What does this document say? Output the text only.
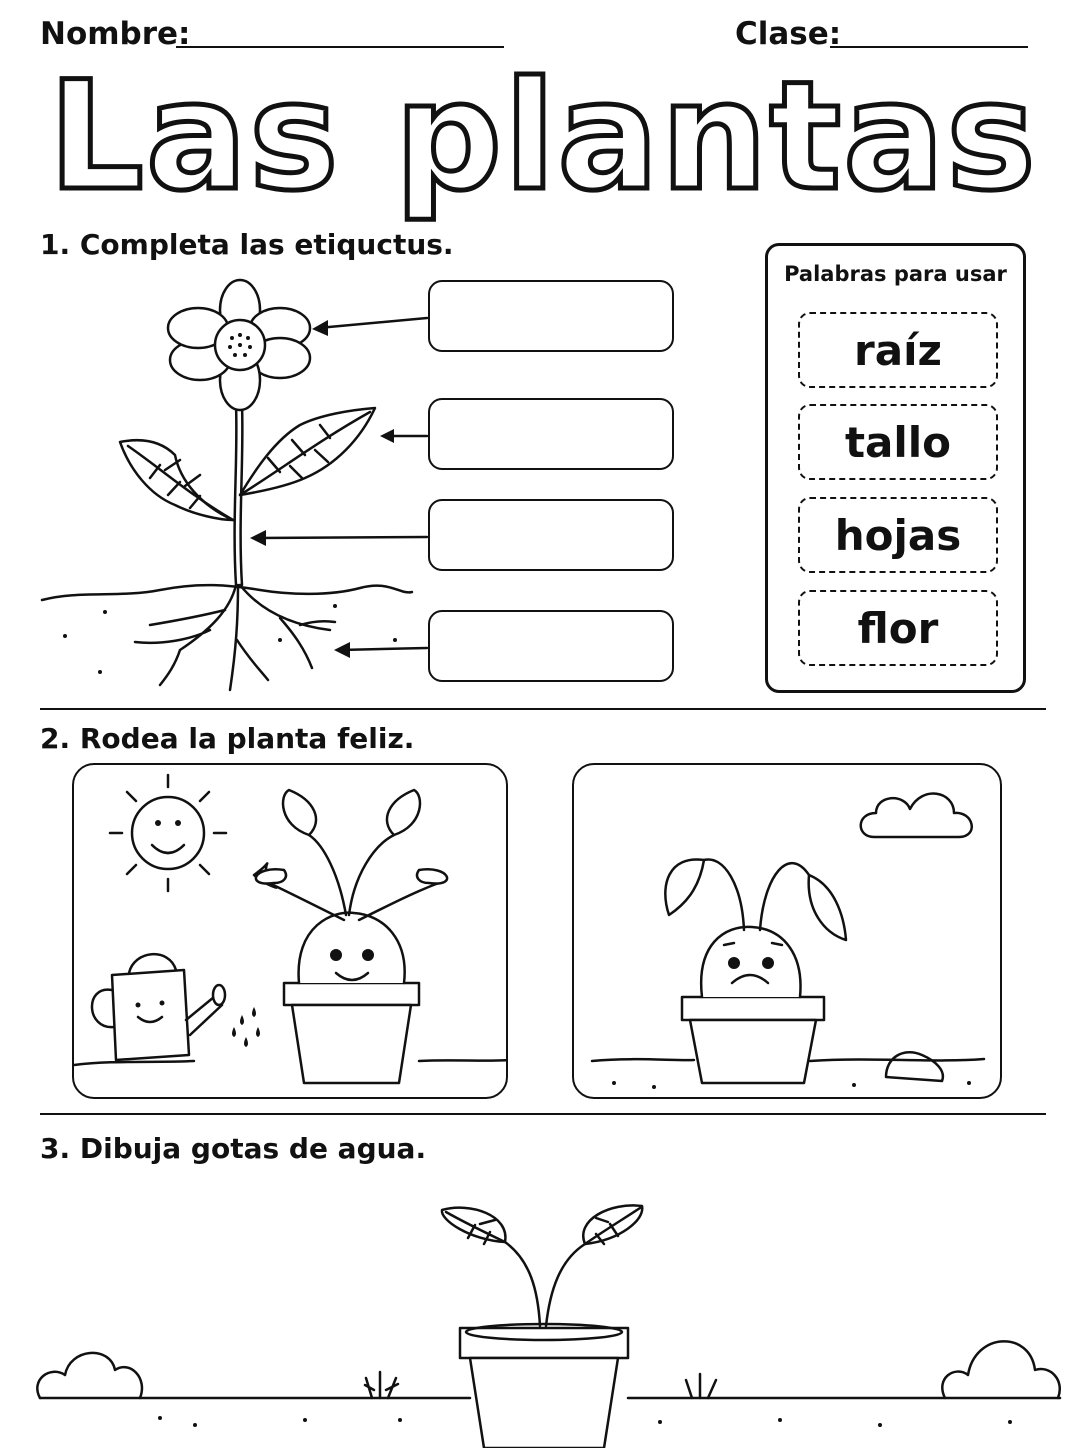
Nombre:	Clase:
Las plantas
1. Completa las etiquctus.
Palabras para usar
raíz
tallo
hojas
flor
2. Rodea la planta feliz.
3. Dibuja gotas de agua.
